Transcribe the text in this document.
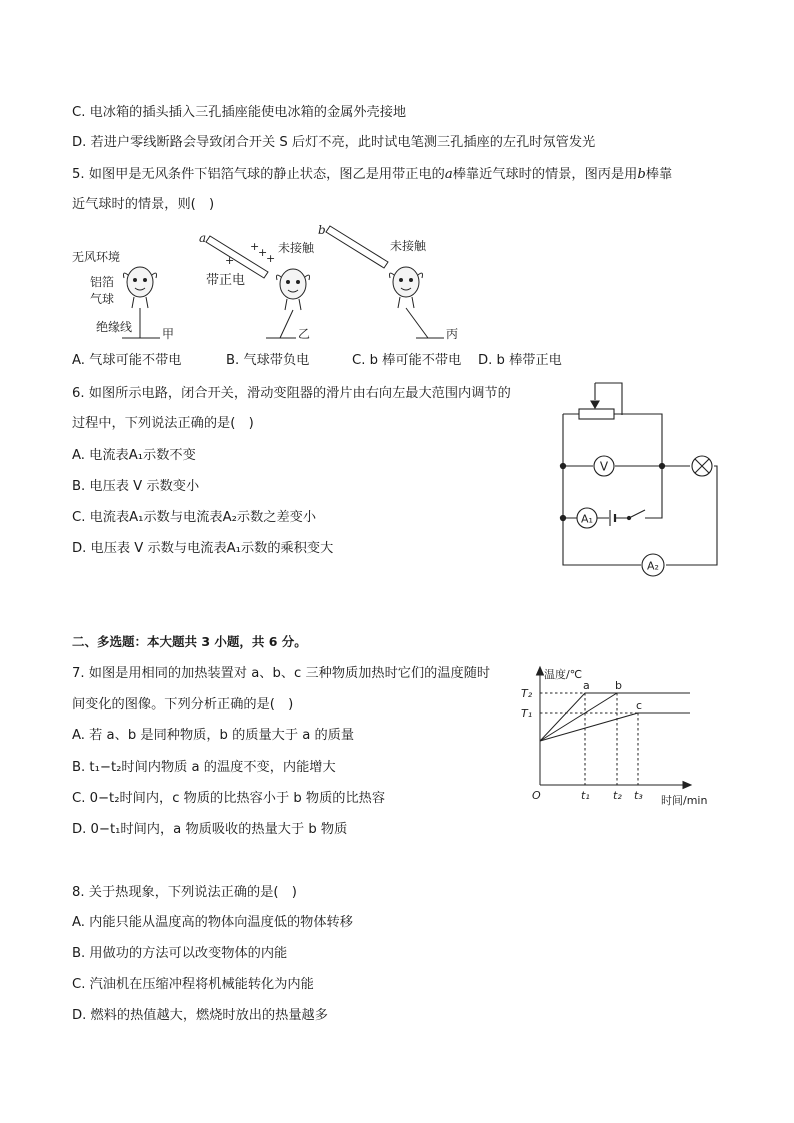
C. 电冰箱的插头插入三孔插座能使电冰箱的金属外壳接地
D. 若进户零线断路会导致闭合开关 S 后灯不亮，此时试电笔测三孔插座的左孔时氖管发光
5. 如图甲是无风条件下铝箔气球的静止状态，图乙是用带正电的a棒靠近气球时的情景，图丙是用b棒靠
近气球时的情景，则(　)
无风环境
铝箔
气球
绝缘线 甲
a
+
+
+
+
带正电
未接触
乙
b
未接触
丙
A. 气球可能不带电	B. 气球带负电	C. b 棒可能不带电 D. b 棒带正电
6. 如图所示电路，闭合开关，滑动变阻器的滑片由右向左最大范围内调节的
过程中，下列说法正确的是(　)
A. 电流表A₁示数不变
B. 电压表 V 示数变小
C. 电流表A₁示数与电流表A₂示数之差变小
D. 电压表 V 示数与电流表A₁示数的乘积变大
V
A₁
A₂
二、多选题：本大题共 3 小题，共 6 分。
7. 如图是用相同的加热装置对 a、b、c 三种物质加热时它们的温度随时
间变化的图像。下列分析正确的是(　)
A. 若 a、b 是同种物质，b 的质量大于 a 的质量
B. t₁−t₂时间内物质 a 的温度不变，内能增大
C. 0−t₂时间内，c 物质的比热容小于 b 物质的比热容
D. 0−t₁时间内，a 物质吸收的热量大于 b 物质
温度/℃
时间/min
O
T₂
T₁
t₁ t₂ t₃
a b
c
8. 关于热现象，下列说法正确的是(　)
A. 内能只能从温度高的物体向温度低的物体转移
B. 用做功的方法可以改变物体的内能
C. 汽油机在压缩冲程将机械能转化为内能
D. 燃料的热值越大，燃烧时放出的热量越多
